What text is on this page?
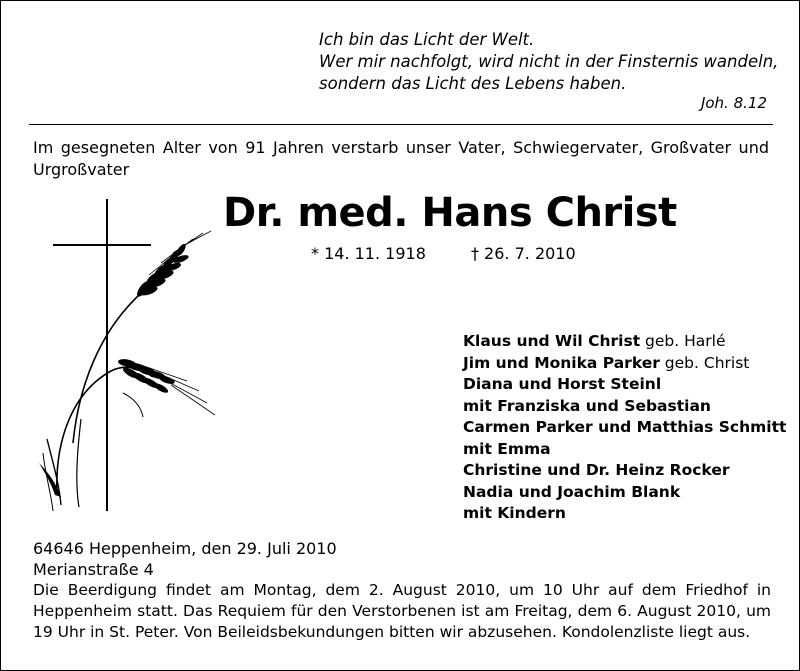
Ich bin das Licht der Welt.
Wer mir nachfolgt, wird nicht in der Finsternis wandeln,
sondern das Licht des Lebens haben.
Joh. 8.12
Im gesegneten Alter von 91 Jahren verstarb unser Vater, Schwiegervater, Großvater und Urgroßvater
Dr. med. Hans Christ
* 14. 11. 1918	† 26. 7. 2010
Klaus und Wil Christ geb. Harlé
Jim und Monika Parker geb. Christ
Diana und Horst Steinl
mit Franziska und Sebastian
Carmen Parker und Matthias Schmitt
mit Emma
Christine und Dr. Heinz Rocker
Nadia und Joachim Blank
mit Kindern
64646 Heppenheim, den 29. Juli 2010
Merianstraße 4
Die Beerdigung findet am Montag, dem 2. August 2010, um 10 Uhr auf dem Friedhof in Heppenheim statt. Das Requiem für den Verstorbenen ist am Freitag, dem 6. August 2010, um 19 Uhr in St. Peter. Von Beileidsbekundungen bitten wir abzusehen. Kondolenzliste liegt aus.
